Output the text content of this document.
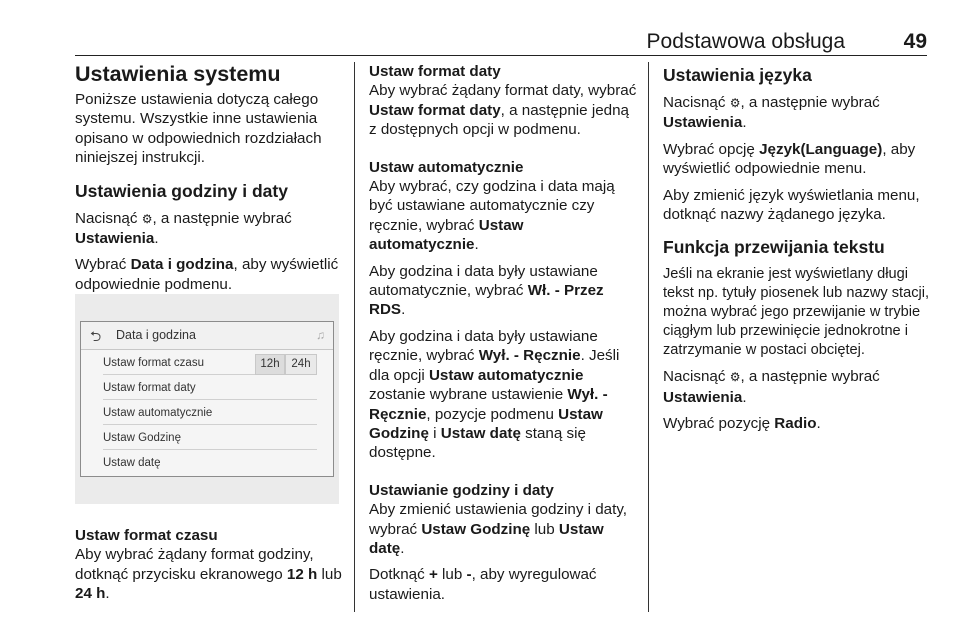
Podstawowa obsługa	49
Ustawienia systemu

Poniższe ustawienia dotyczą całego systemu. Wszystkie inne ustawienia opisano w odpowiednich rozdziałach niniejszej instrukcji.

Ustawienia godziny i daty

Nacisnąć ⚙, a następnie wybrać
Ustawienia.

Wybrać Data i godzina, aby wyświetlić odpowiednie podmenu.

⮌ Data i godzina	♫
Ustaw format czasu	12h	24h
Ustaw format daty
Ustaw automatycznie
Ustaw Godzinę
Ustaw datę
Ustaw format czasu

Aby wybrać żądany format godziny, dotknąć przycisku ekranowego 12 h lub 24 h.

Ustaw format daty

Aby wybrać żądany format daty, wybrać Ustaw format daty, a następnie jedną z dostępnych opcji w podmenu.

Ustaw automatycznie

Aby wybrać, czy godzina i data mają być ustawiane automatycznie czy ręcznie, wybrać Ustaw automatycznie.

Aby godzina i data były ustawiane automatycznie, wybrać Wł. - Przez RDS.

Aby godzina i data były ustawiane ręcznie, wybrać Wył. - Ręcznie. Jeśli dla opcji Ustaw automatycznie zostanie wybrane ustawienie Wył. - Ręcznie, pozycje podmenu Ustaw Godzinę i Ustaw datę staną się dostępne.

Ustawianie godziny i daty

Aby zmienić ustawienia godziny i daty, wybrać Ustaw Godzinę lub Ustaw datę.

Dotknąć + lub -, aby wyregulować ustawienia.

Ustawienia języka

Nacisnąć ⚙, a następnie wybrać Ustawienia.

Wybrać opcję Język(Language), aby wyświetlić odpowiednie menu.

Aby zmienić język wyświetlania menu, dotknąć nazwy żądanego języka.

Funkcja przewijania tekstu

Jeśli na ekranie jest wyświetlany długi tekst np. tytuły piosenek lub nazwy stacji, można wybrać jego przewijanie w trybie ciągłym lub przewinięcie jednokrotne i zatrzymanie w postaci obciętej.

Nacisnąć ⚙, a następnie wybrać Ustawienia.

Wybrać pozycję Radio.
